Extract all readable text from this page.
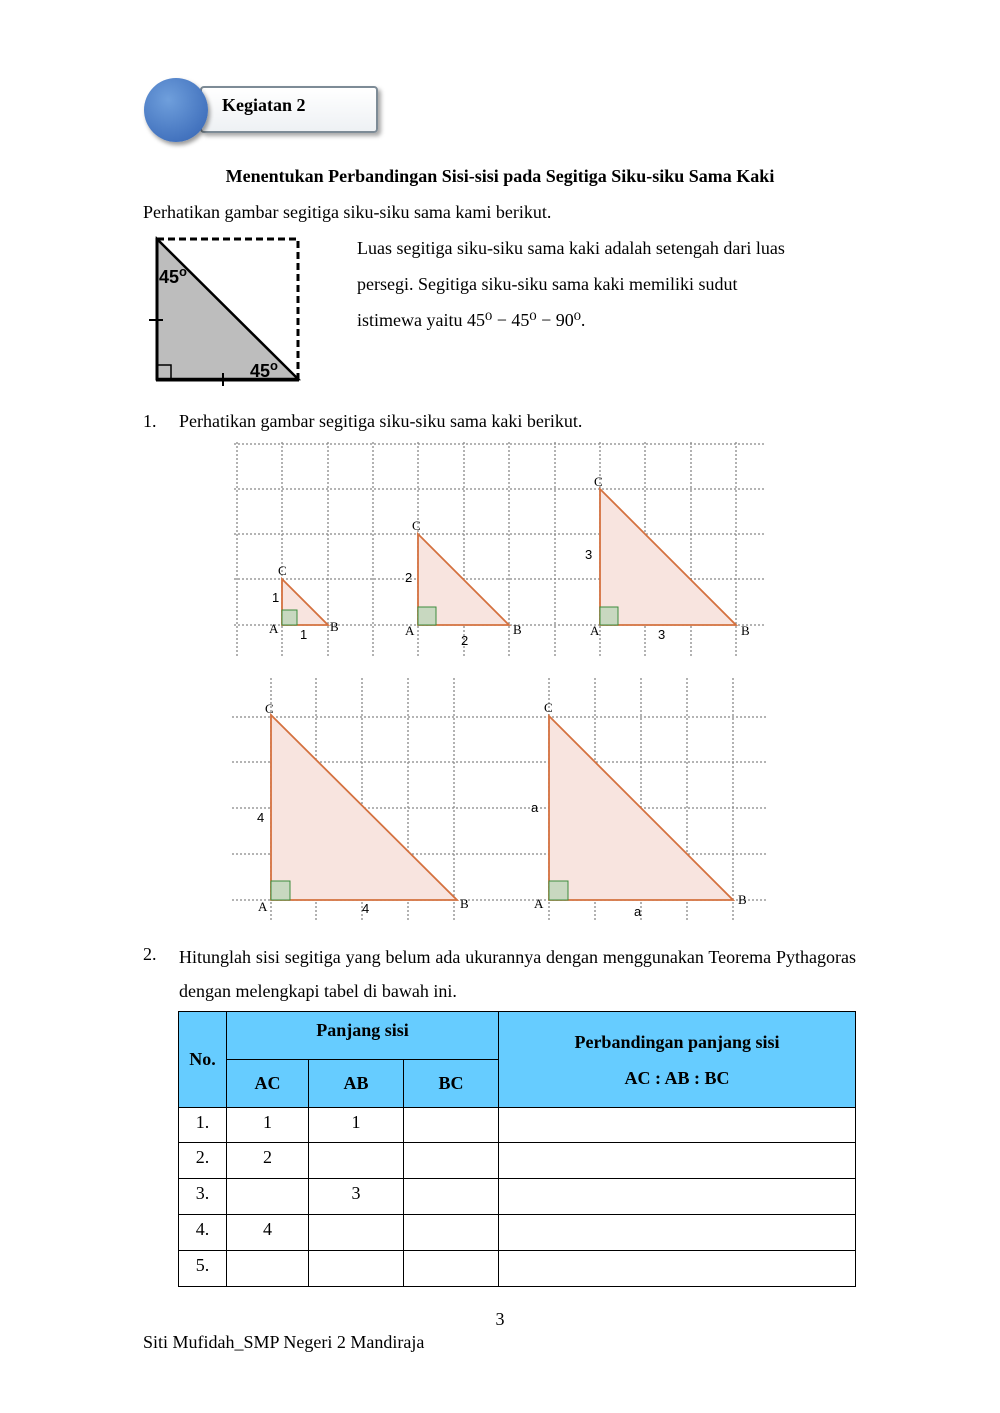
Kegiatan 2
Menentukan Perbandingan Sisi-sisi pada Segitiga Siku-siku Sama Kaki
Perhatikan gambar segitiga siku-siku sama kami berikut.
45$^o$
45$^o$
Luas segitiga siku-siku sama kaki adalah setengah dari luas
persegi. Segitiga siku-siku sama kaki memiliki sudut
istimewa yaitu 45⁰ − 45⁰ − 90⁰.
1. Perhatikan gambar segitiga siku-siku sama kaki berikut.
C
A	B
1
1
C
A	B
2
2
C
A	B
3
3
C
A	B
4
4
C
A	B
a
a
2. Hitunglah sisi segitiga yang belum ada ukurannya dengan menggunakan Teorema Pythagoras dengan melengkapi tabel di bawah ini.
No.	Panjang sisi			Perbandingan panjang sisi
AC : AB : BC

	AC	AB	BC	
1.	1	1		
2.	2			
3.		3		
4.	4			
5.				
3
Siti Mufidah_SMP Negeri 2 Mandiraja
